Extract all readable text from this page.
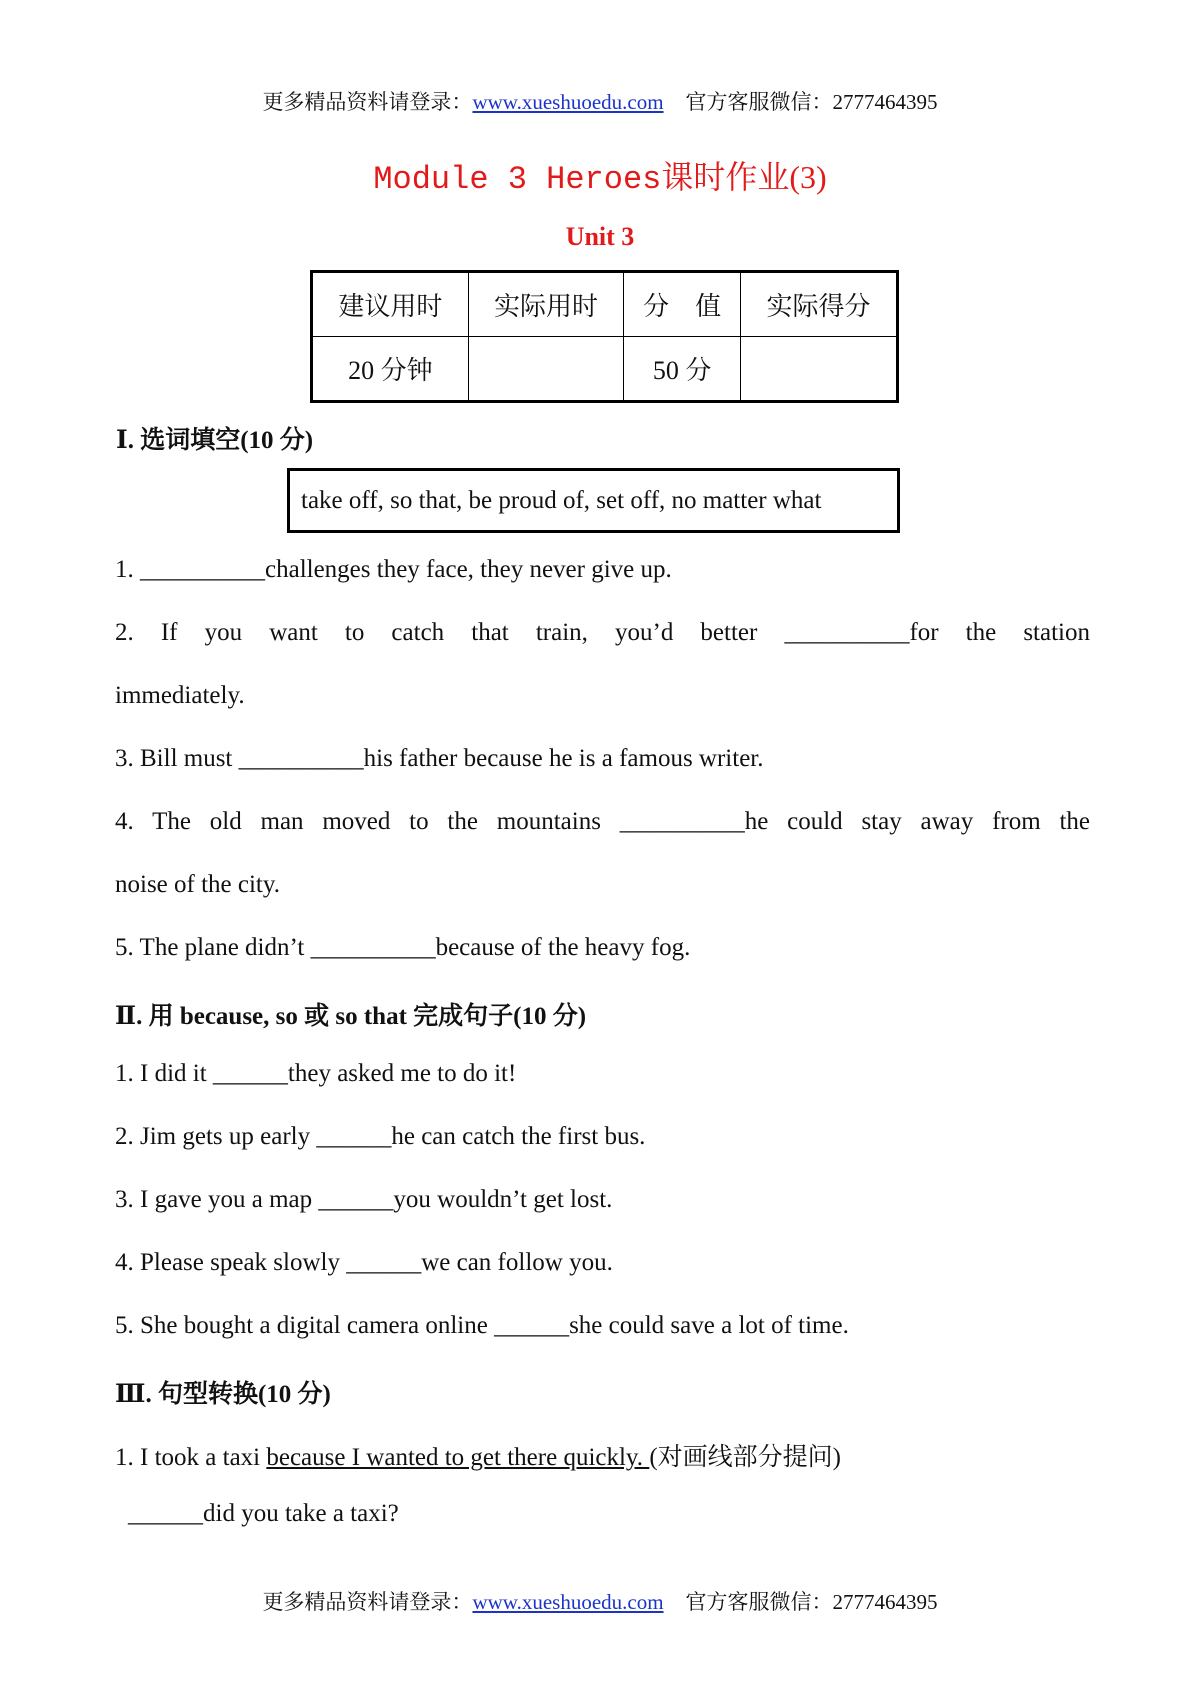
更多精品资料请登录：www.xueshuoedu.com 官方客服微信：2777464395
Module 3 Heroes课时作业(3)
Unit 3
建议用时	实际用时	分　值	实际得分
20 分钟		50 分	
Ⅰ. 选词填空(10 分)
take off, so that, be proud of, set off, no matter what
1. __________challenges they face, they never give up.
2. If you want to catch that train, you’d better __________for the station
immediately.
3. Bill must __________his father because he is a famous writer.
4. The old man moved to the mountains __________he could stay away from the
noise of the city.
5. The plane didn’t __________because of the heavy fog.
Ⅱ. 用 because, so 或 so that 完成句子(10 分)
1. I did it ______they asked me to do it!
2. Jim gets up early ______he can catch the first bus.
3. I gave you a map ______you wouldn’t get lost.
4. Please speak slowly ______we can follow you.
5. She bought a digital camera online ______she could save a lot of time.
Ⅲ. 句型转换(10 分)
1. I took a taxi because I wanted to get there quickly. (对画线部分提问)
______did you take a taxi?
更多精品资料请登录：www.xueshuoedu.com 官方客服微信：2777464395
